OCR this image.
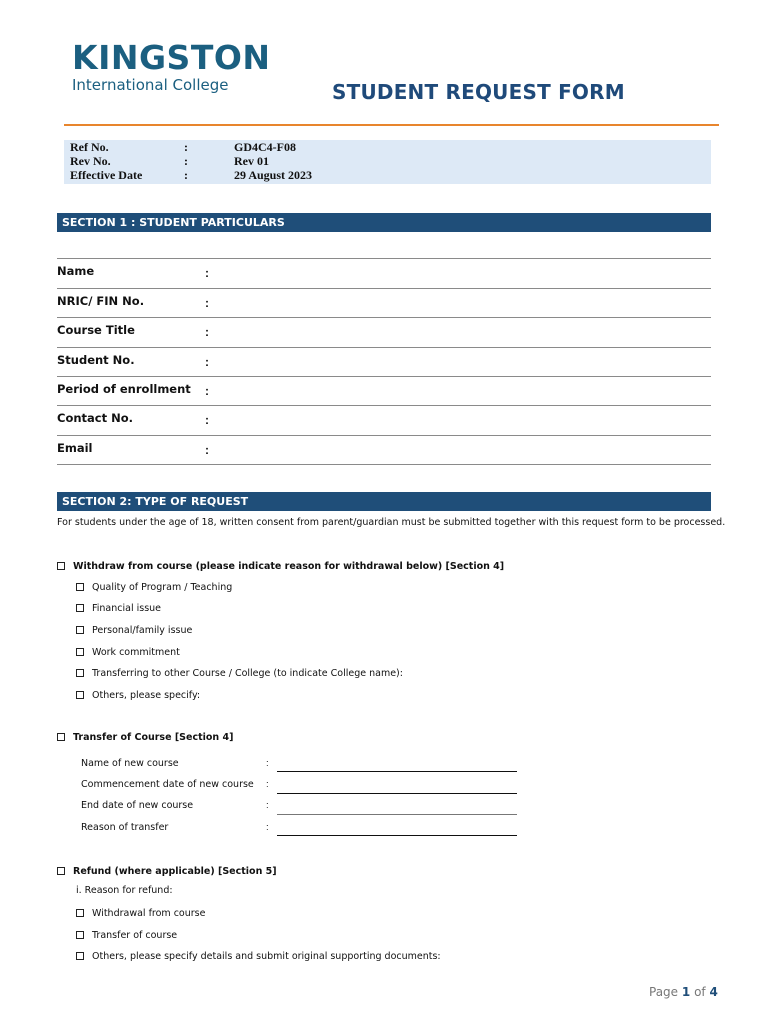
KINGSTON
International College	STUDENT REQUEST FORM
Ref No.	:	GD4C4-F08
Rev No.	:	Rev 01
Effective Date	:	29 August 2023
SECTION 1 : STUDENT PARTICULARS
Name	:
NRIC/ FIN No.	:
Course Title	:
Student No.	:
Period of enrollment :
Contact No.	:
Email	:
SECTION 2: TYPE OF REQUEST
For students under the age of 18, written consent from parent/guardian must be submitted together with this request form to be processed.
Withdraw from course (please indicate reason for withdrawal below) [Section 4]
Quality of Program / Teaching
Financial issue
Personal/family issue
Work commitment
Transferring to other Course / College (to indicate College name):
Others, please specify:
Transfer of Course [Section 4]
Name of new course	:
Commencement date of new course :
End date of new course	:
Reason of transfer	:
Refund (where applicable) [Section 5]
i. Reason for refund:
Withdrawal from course
Transfer of course
Others, please specify details and submit original supporting documents:
Page 1 of 4
